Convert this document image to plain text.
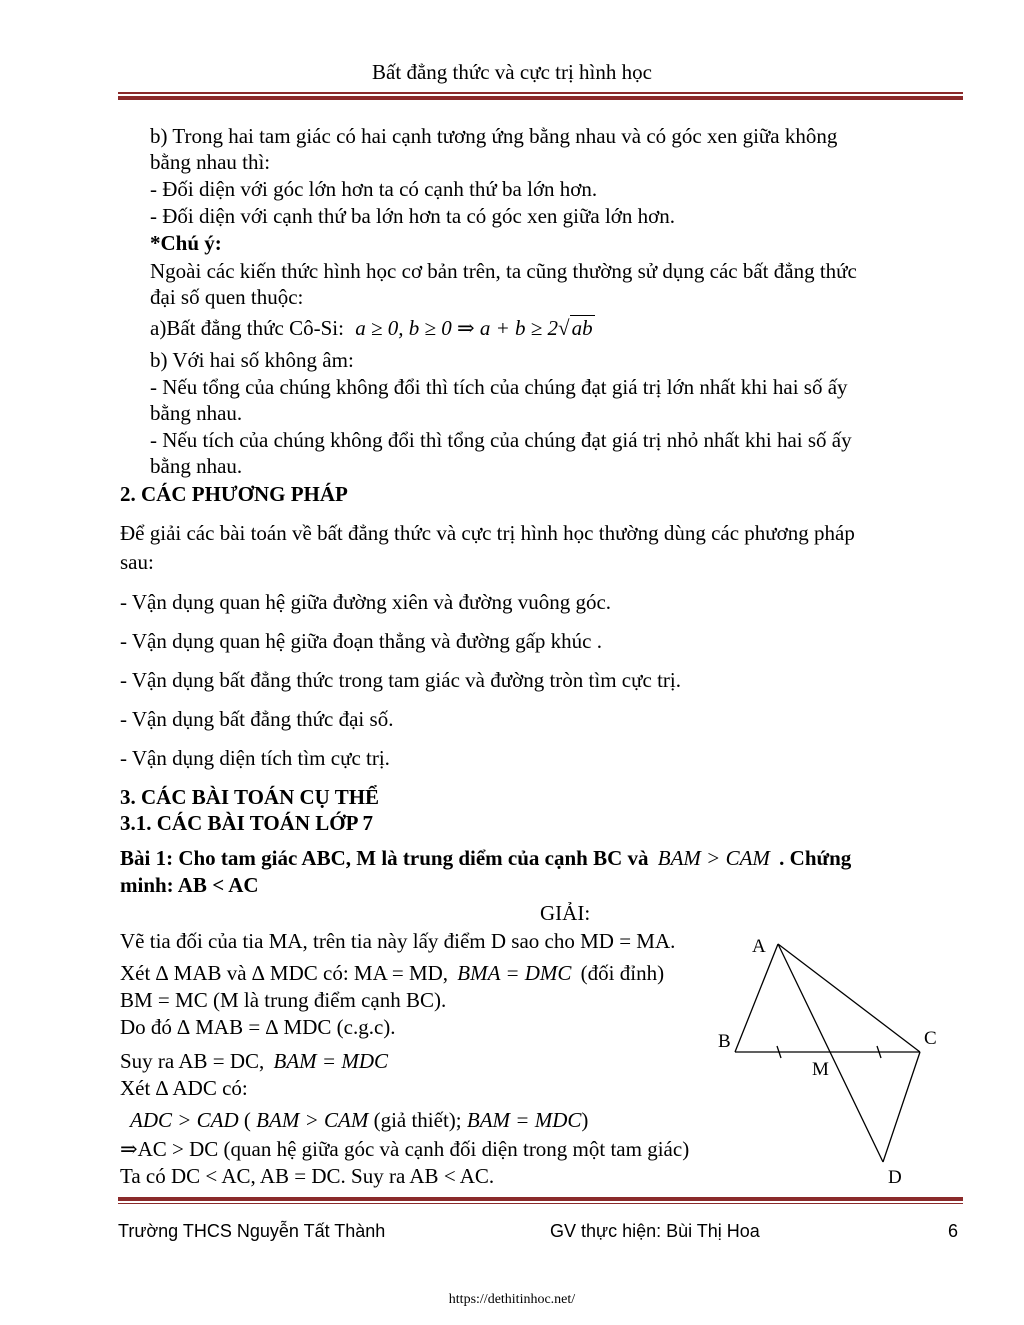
Bất đẳng thức và cực trị hình học
b) Trong hai tam giác có hai cạnh tương ứng bằng nhau và có góc xen giữa không
bằng nhau thì:
- Đối diện với góc lớn hơn ta có cạnh thứ ba lớn hơn.
- Đối diện với cạnh thứ ba lớn hơn ta có góc xen giữa lớn hơn.
*Chú ý:
Ngoài các kiến thức hình học cơ bản trên, ta cũng thường sử dụng các bất đẳng thức
đại số quen thuộc:
a)Bất đẳng thức Cô-Si: a ≥ 0, b ≥ 0 ⇒ a + b ≥ 2√ab
b) Với hai số không âm:
- Nếu tổng của chúng không đổi thì tích của chúng đạt giá trị lớn nhất khi hai số ấy
bằng nhau.
- Nếu tích của chúng không đổi thì tổng của chúng đạt giá trị nhỏ nhất khi hai số ấy
bằng nhau.
2. CÁC PHƯƠNG PHÁP
Để giải các bài toán về bất đẳng thức và cực trị hình học thường dùng các phương pháp
sau:
- Vận dụng quan hệ giữa đường xiên và đường vuông góc.
- Vận dụng quan hệ giữa đoạn thẳng và đường gấp khúc .
- Vận dụng bất đẳng thức trong tam giác và đường tròn tìm cực trị.
- Vận dụng bất đẳng thức đại số.
- Vận dụng diện tích tìm cực trị.
3. CÁC BÀI TOÁN CỤ THỂ
3.1. CÁC BÀI TOÁN LỚP 7
Bài 1: Cho tam giác ABC, M là trung diểm của cạnh BC và BAM > CAM . Chứng
minh: AB < AC
GIẢI:
Vẽ tia đối của tia MA, trên tia này lấy điểm D sao cho MD = MA.
Xét ∆ MAB và ∆ MDC có: MA = MD, BMA = DMC (đối đỉnh)
BM = MC (M là trung điểm cạnh BC).
Do đó ∆ MAB = ∆ MDC (c.g.c).
Suy ra AB = DC, BAM = MDC
Xét ∆ ADC có:
ADC > CAD ( BAM > CAM (giả thiết); BAM = MDC)
⇒AC > DC (quan hệ giữa góc và cạnh đối diện trong một tam giác)
Ta có DC < AC, AB = DC. Suy ra AB < AC.
A
B	C
M
D
Trường THCS Nguyễn Tất Thành	GV thực hiện: Bùi Thị Hoa	6
https://dethitinhoc.net/
